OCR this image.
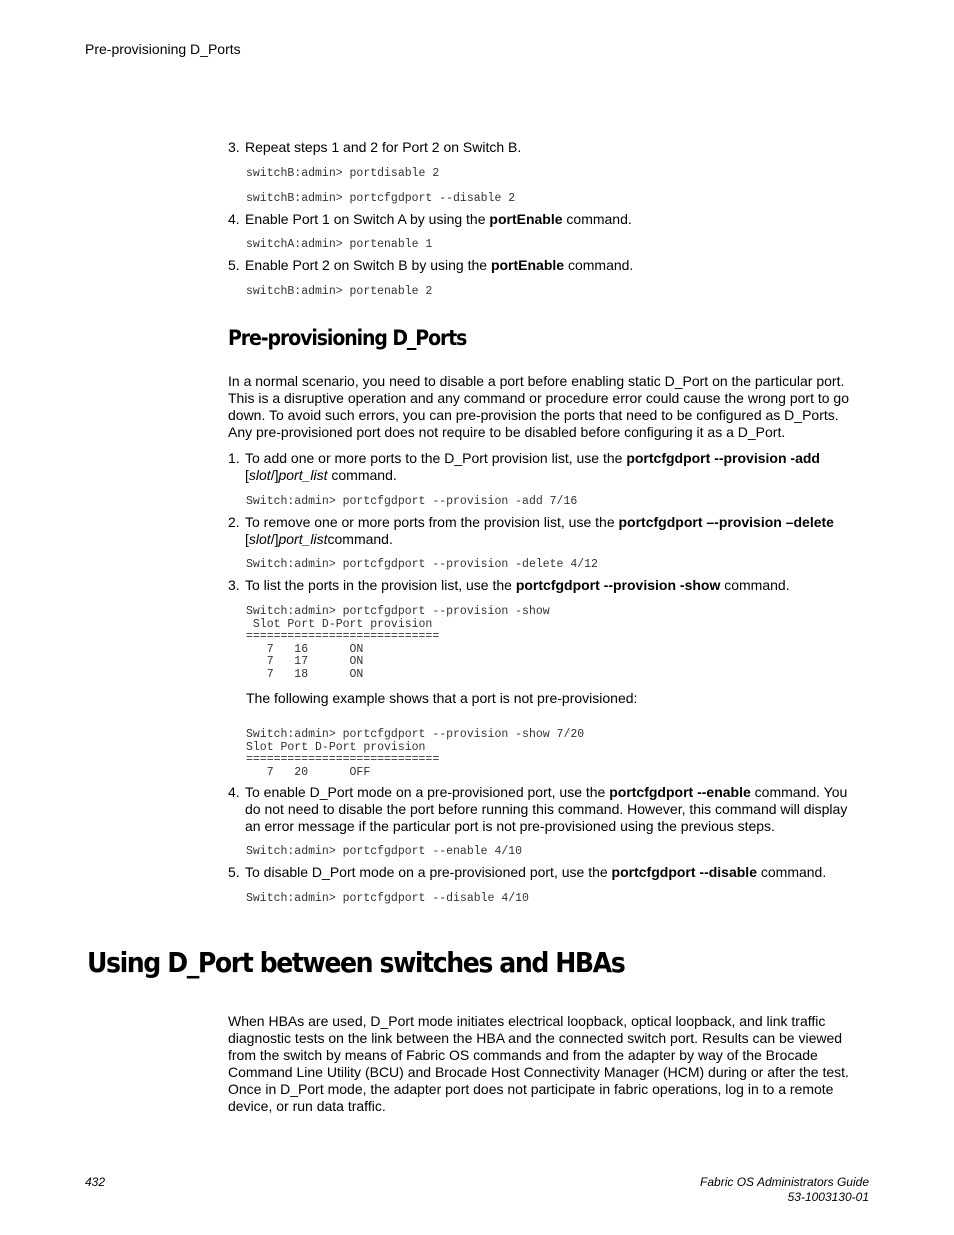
Pre-provisioning D_Ports
3. Repeat steps 1 and 2 for Port 2 on Switch B.
switchB:admin> portdisable 2
switchB:admin> portcfgdport --disable 2
4. Enable Port 1 on Switch A by using the portEnable command.
switchA:admin> portenable 1
5. Enable Port 2 on Switch B by using the portEnable command.
switchB:admin> portenable 2
Pre-provisioning D_Ports
In a normal scenario, you need to disable a port before enabling static D_Port on the particular port. This is a disruptive operation and any command or procedure error could cause the wrong port to go down. To avoid such errors, you can pre-provision the ports that need to be configured as D_Ports. Any pre-provisioned port does not require to be disabled before configuring it as a D_Port.
1. To add one or more ports to the D_Port provision list, use the portcfgdport --provision -add
[slot/]port_list command.
Switch:admin> portcfgdport --provision -add 7/16
2. To remove one or more ports from the provision list, use the portcfgdport –-provision –delete
[slot/]port_listcommand.
Switch:admin> portcfgdport --provision -delete 4/12
3. To list the ports in the provision list, use the portcfgdport --provision -show command.
Switch:admin> portcfgdport --provision -show
Slot Port D-Port provision
============================
7   16      ON
7   17      ON
7   18      ON
The following example shows that a port is not pre-provisioned:
Switch:admin> portcfgdport --provision -show 7/20
Slot Port D-Port provision
============================
7   20      OFF
4. To enable D_Port mode on a pre-provisioned port, use the portcfgdport --enable command. You do not need to disable the port before running this command. However, this command will display an error message if the particular port is not pre-provisioned using the previous steps.
Switch:admin> portcfgdport --enable 4/10
5. To disable D_Port mode on a pre-provisioned port, use the portcfgdport --disable command.
Switch:admin> portcfgdport --disable 4/10
Using D_Port between switches and HBAs
When HBAs are used, D_Port mode initiates electrical loopback, optical loopback, and link traffic diagnostic tests on the link between the HBA and the connected switch port. Results can be viewed from the switch by means of Fabric OS commands and from the adapter by way of the Brocade Command Line Utility (BCU) and Brocade Host Connectivity Manager (HCM) during or after the test. Once in D_Port mode, the adapter port does not participate in fabric operations, log in to a remote device, or run data traffic.
432	Fabric OS Administrators Guide
53-1003130-01
